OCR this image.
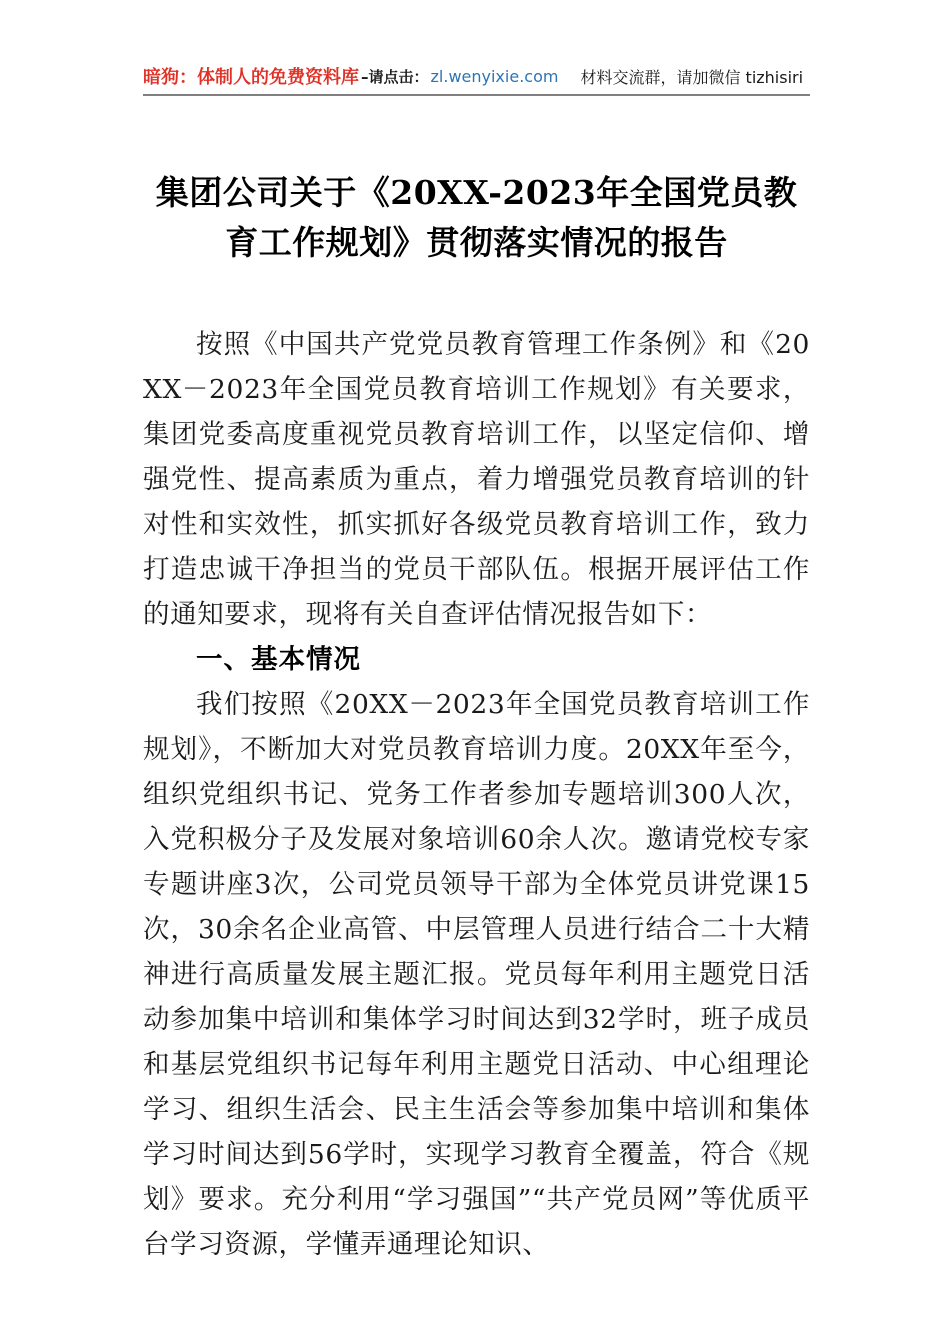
暗狗：体制人的免费资料库 –请点击： zl.wenyixie.com 材料交流群，请加微信 tizhisiri
集团公司关于《20XX-2023年全国党员教育工作规划》贯彻落实情况的报告

按照《中国共产党党员教育管理工作条例》和《20XX－2023年全国党员教育培训工作规划》有关要求，集团党委高度重视党员教育培训工作，以坚定信仰、增强党性、提高素质为重点，着力增强党员教育培训的针对性和实效性，抓实抓好各级党员教育培训工作，致力打造忠诚干净担当的党员干部队伍。根据开展评估工作的通知要求，现将有关自查评估情况报告如下：

一、基本情况

我们按照《20XX－2023年全国党员教育培训工作规划》，不断加大对党员教育培训力度。20XX年至今，组织党组织书记、党务工作者参加专题培训300人次，入党积极分子及发展对象培训60余人次。邀请党校专家专题讲座3次，公司党员领导干部为全体党员讲党课15次，30余名企业高管、中层管理人员进行结合二十大精神进行高质量发展主题汇报。党员每年利用主题党日活动参加集中培训和集体学习时间达到32学时，班子成员和基层党组织书记每年利用主题党日活动、中心组理论学习、组织生活会、民主生活会等参加集中培训和集体学习时间达到56学时，实现学习教育全覆盖，符合《规划》要求。充分利用“学习强国”“共产党员网”等优质平台学习资源，学懂弄通理论知识、
